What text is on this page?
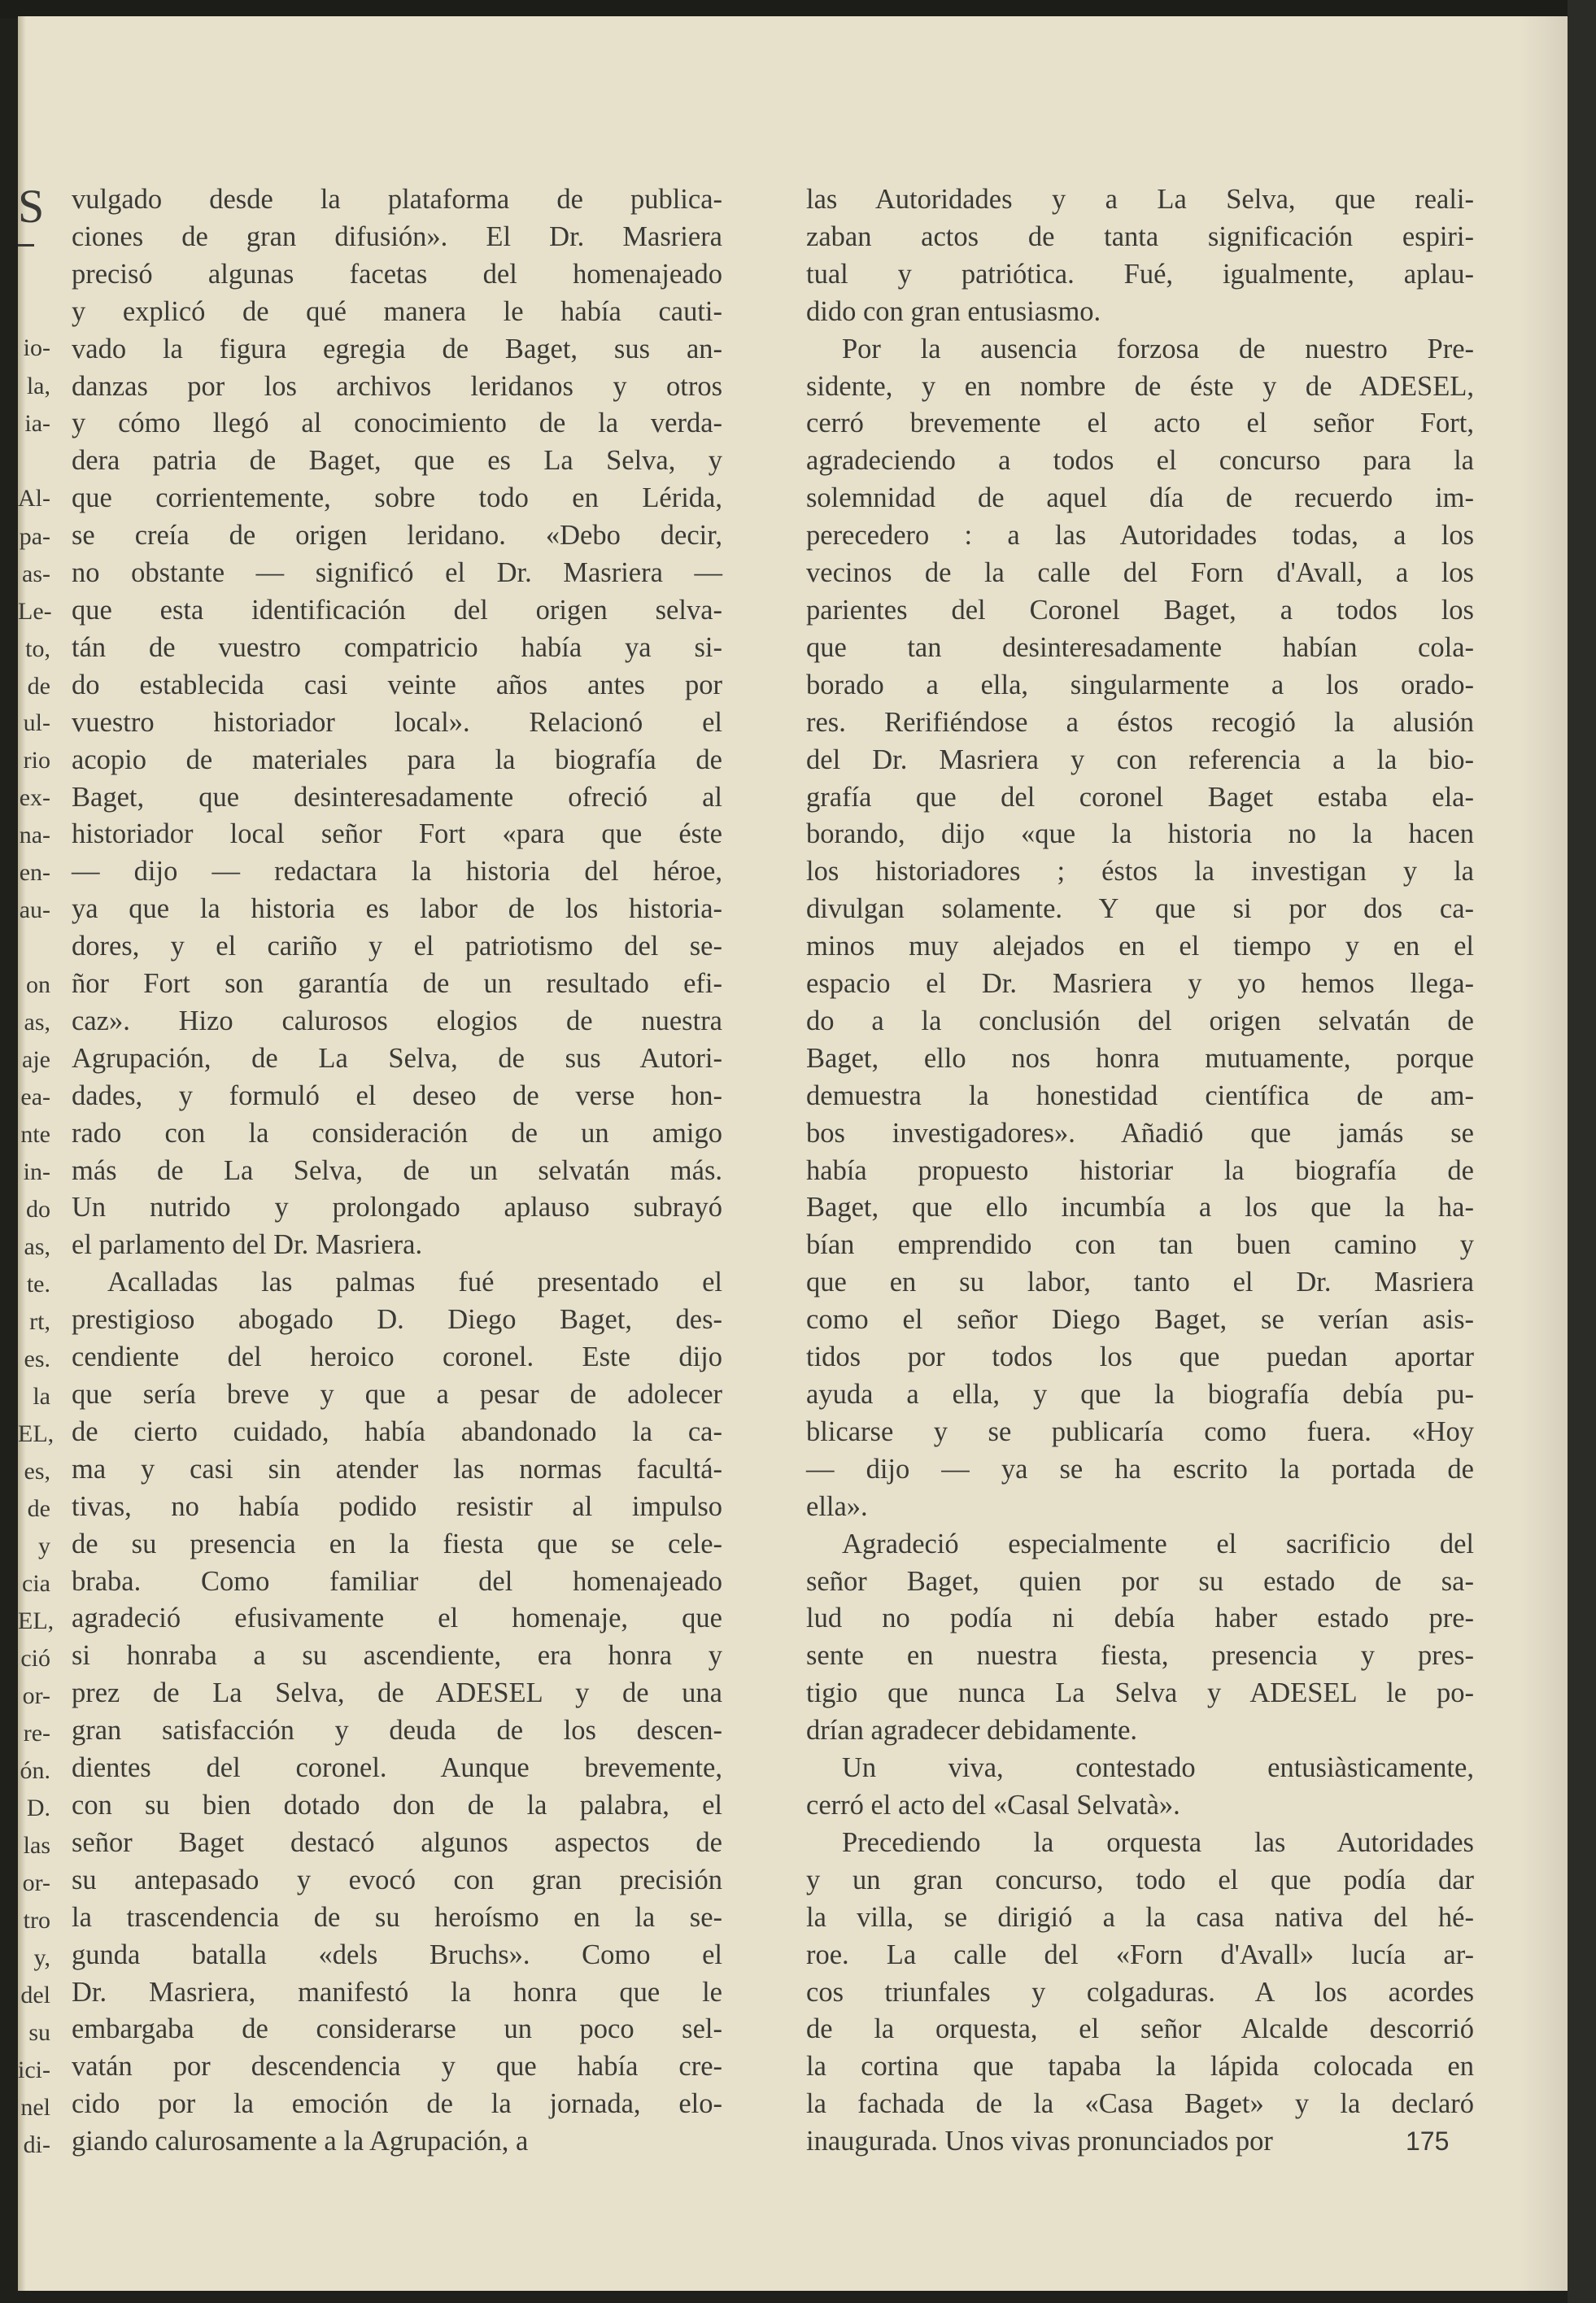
S
io-
la,
ia-
Al-
pa-
as-
Le-
to,
de
ul-
rio
ex-
na-
en-
au-
on
as,
aje
ea-
nte
in-
do
as,
te.
rt,
es.
la
EL,
es,
de
y
cia
EL,
ció
or-
re-
ón.
D.
las
or-
tro
y,
del
su
ici-
nel
di-

vulgado desde la plataforma de publica-

ciones de gran difusión». El Dr. Masriera

precisó algunas facetas del homenajeado

y explicó de qué manera le había cauti-

vado la figura egregia de Baget, sus an-

danzas por los archivos leridanos y otros

y cómo llegó al conocimiento de la verda-

dera patria de Baget, que es La Selva, y

que corrientemente, sobre todo en Lérida,

se creía de origen leridano. «Debo decir,

no obstante — significó el Dr. Masriera —

que esta identificación del origen selva-

tán de vuestro compatricio había ya si-

do establecida casi veinte años antes por

vuestro historiador local». Relacionó el

acopio de materiales para la biografía de

Baget, que desinteresadamente ofreció al

historiador local señor Fort «para que éste

— dijo — redactara la historia del héroe,

ya que la historia es labor de los historia-

dores, y el cariño y el patriotismo del se-

ñor Fort son garantía de un resultado efi-

caz». Hizo calurosos elogios de nuestra

Agrupación, de La Selva, de sus Autori-

dades, y formuló el deseo de verse hon-

rado con la consideración de un amigo

más de La Selva, de un selvatán más.

Un nutrido y prolongado aplauso subrayó

el parlamento del Dr. Masriera.

Acalladas las palmas fué presentado el

prestigioso abogado D. Diego Baget, des-

cendiente del heroico coronel. Este dijo

que sería breve y que a pesar de adolecer

de cierto cuidado, había abandonado la ca-

ma y casi sin atender las normas facultá-

tivas, no había podido resistir al impulso

de su presencia en la fiesta que se cele-

braba. Como familiar del homenajeado

agradeció efusivamente el homenaje, que

si honraba a su ascendiente, era honra y

prez de La Selva, de ADESEL y de una

gran satisfacción y deuda de los descen-

dientes del coronel. Aunque brevemente,

con su bien dotado don de la palabra, el

señor Baget destacó algunos aspectos de

su antepasado y evocó con gran precisión

la trascendencia de su heroísmo en la se-

gunda batalla «dels Bruchs». Como el

Dr. Masriera, manifestó la honra que le

embargaba de considerarse un poco sel-

vatán por descendencia y que había cre-

cido por la emoción de la jornada, elo-

giando calurosamente a la Agrupación, a

las Autoridades y a La Selva, que reali-

zaban actos de tanta significación espiri-

tual y patriótica. Fué, igualmente, aplau-

dido con gran entusiasmo.

Por la ausencia forzosa de nuestro Pre-

sidente, y en nombre de éste y de ADESEL,

cerró brevemente el acto el señor Fort,

agradeciendo a todos el concurso para la

solemnidad de aquel día de recuerdo im-

perecedero : a las Autoridades todas, a los

vecinos de la calle del Forn d'Avall, a los

parientes del Coronel Baget, a todos los

que tan desinteresadamente habían cola-

borado a ella, singularmente a los orado-

res. Rerifiéndose a éstos recogió la alusión

del Dr. Masriera y con referencia a la bio-

grafía que del coronel Baget estaba ela-

borando, dijo «que la historia no la hacen

los historiadores ; éstos la investigan y la

divulgan solamente. Y que si por dos ca-

minos muy alejados en el tiempo y en el

espacio el Dr. Masriera y yo hemos llega-

do a la conclusión del origen selvatán de

Baget, ello nos honra mutuamente, porque

demuestra la honestidad científica de am-

bos investigadores». Añadió que jamás se

había propuesto historiar la biografía de

Baget, que ello incumbía a los que la ha-

bían emprendido con tan buen camino y

que en su labor, tanto el Dr. Masriera

como el señor Diego Baget, se verían asis-

tidos por todos los que puedan aportar

ayuda a ella, y que la biografía debía pu-

blicarse y se publicaría como fuera. «Hoy

— dijo — ya se ha escrito la portada de

ella».

Agradeció especialmente el sacrificio del

señor Baget, quien por su estado de sa-

lud no podía ni debía haber estado pre-

sente en nuestra fiesta, presencia y pres-

tigio que nunca La Selva y ADESEL le po-

drían agradecer debidamente.

Un viva, contestado entusiàsticamente,

cerró el acto del «Casal Selvatà».

Precediendo la orquesta las Autoridades

y un gran concurso, todo el que podía dar

la villa, se dirigió a la casa nativa del hé-

roe. La calle del «Forn d'Avall» lucía ar-

cos triunfales y colgaduras. A los acordes

de la orquesta, el señor Alcalde descorrió

la cortina que tapaba la lápida colocada en

la fachada de la «Casa Baget» y la declaró

inaugurada. Unos vivas pronunciados por	175
